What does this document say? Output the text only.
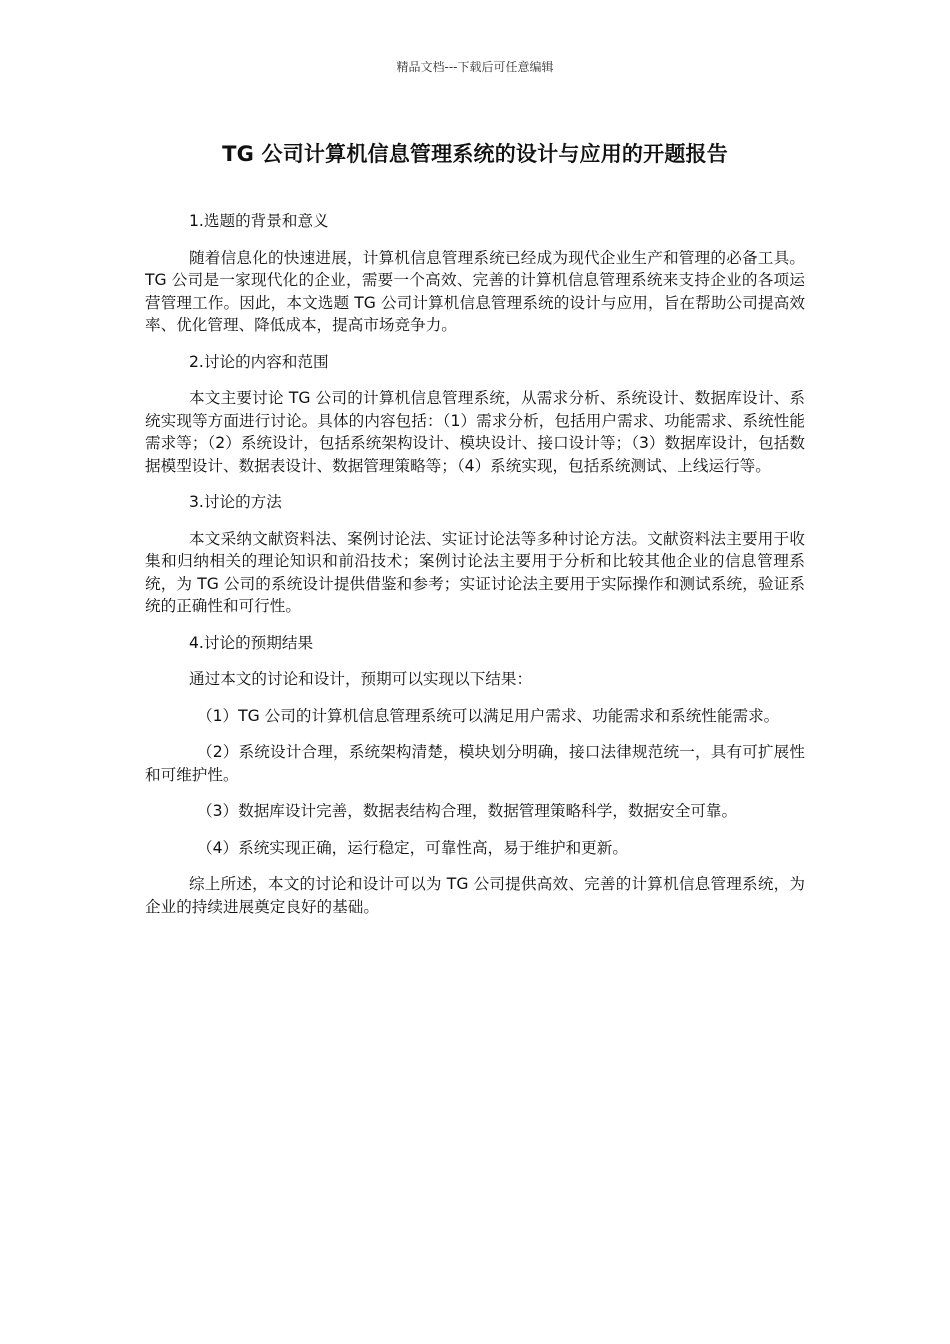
精品文档---下载后可任意编辑
TG 公司计算机信息管理系统的设计与应用的开题报告

1.选题的背景和意义

随着信息化的快速进展，计算机信息管理系统已经成为现代企业生产和管理的必备工具。TG 公司是一家现代化的企业，需要一个高效、完善的计算机信息管理系统来支持企业的各项运营管理工作。因此，本文选题 TG 公司计算机信息管理系统的设计与应用，旨在帮助公司提高效率、优化管理、降低成本，提高市场竞争力。

2.讨论的内容和范围

本文主要讨论 TG 公司的计算机信息管理系统，从需求分析、系统设计、数据库设计、系统实现等方面进行讨论。具体的内容包括：（1）需求分析，包括用户需求、功能需求、系统性能需求等；（2）系统设计，包括系统架构设计、模块设计、接口设计等；（3）数据库设计，包括数据模型设计、数据表设计、数据管理策略等；（4）系统实现，包括系统测试、上线运行等。

3.讨论的方法

本文采纳文献资料法、案例讨论法、实证讨论法等多种讨论方法。文献资料法主要用于收集和归纳相关的理论知识和前沿技术；案例讨论法主要用于分析和比较其他企业的信息管理系统，为 TG 公司的系统设计提供借鉴和参考；实证讨论法主要用于实际操作和测试系统，验证系统的正确性和可行性。

4.讨论的预期结果

通过本文的讨论和设计，预期可以实现以下结果：

（1）TG 公司的计算机信息管理系统可以满足用户需求、功能需求和系统性能需求。

（2）系统设计合理，系统架构清楚，模块划分明确，接口法律规范统一，具有可扩展性和可维护性。

（3）数据库设计完善，数据表结构合理，数据管理策略科学，数据安全可靠。

（4）系统实现正确，运行稳定，可靠性高，易于维护和更新。

综上所述，本文的讨论和设计可以为 TG 公司提供高效、完善的计算机信息管理系统，为企业的持续进展奠定良好的基础。
